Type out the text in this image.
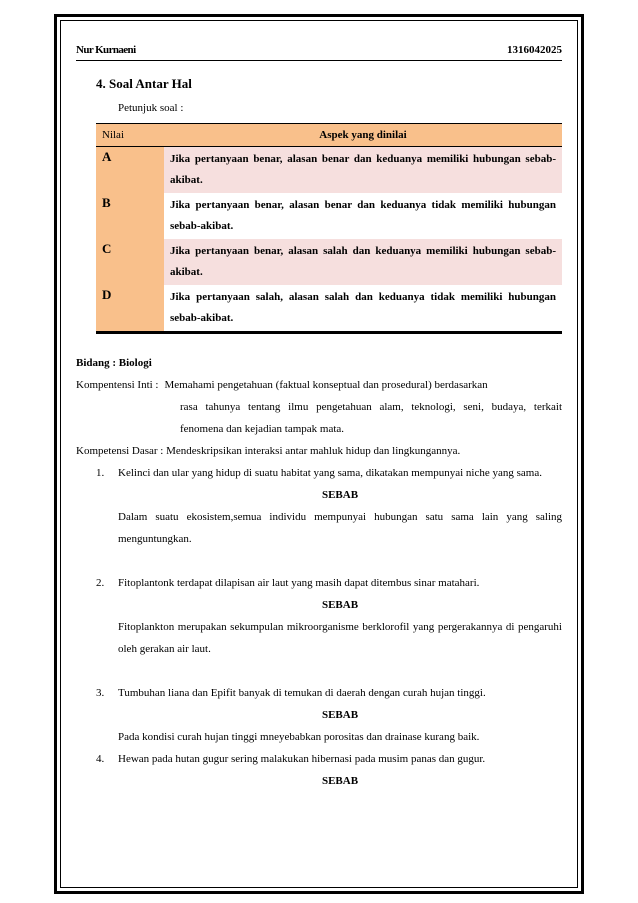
Nur Kurnaeni	1316042025
4. Soal Antar Hal
Petunjuk soal :
Nilai	Aspek yang dinilai
A	Jika pertanyaan benar, alasan benar dan keduanya memiliki hubungan sebab-akibat.
B	Jika pertanyaan benar, alasan benar dan keduanya tidak memiliki hubungan sebab-akibat.
C	Jika pertanyaan benar, alasan salah dan keduanya memiliki hubungan sebab-akibat.
D	Jika pertanyaan salah, alasan salah dan keduanya tidak memiliki hubungan sebab-akibat.

Bidang : Biologi

Kompentensi Inti : Memahami pengetahuan (faktual konseptual dan prosedural) berdasarkan

rasa tahunya tentang ilmu pengetahuan alam, teknologi, seni, budaya, terkait fenomena dan kejadian tampak mata.

Kompetensi Dasar : Mendeskripsikan interaksi antar mahluk hidup dan lingkungannya.

1.	Kelinci dan ular yang hidup di suatu habitat yang sama, dikatakan mempunyai niche yang sama.

SEBAB

Dalam suatu ekosistem,semua individu mempunyai hubungan satu sama lain yang saling menguntungkan.

2.	Fitoplantonk terdapat dilapisan air laut yang masih dapat ditembus sinar matahari.

SEBAB

Fitoplankton merupakan sekumpulan mikroorganisme berklorofil yang pergerakannya di pengaruhi oleh gerakan air laut.

3.	Tumbuhan liana dan Epifit banyak di temukan di daerah dengan curah hujan tinggi.

SEBAB

Pada kondisi curah hujan tinggi mneyebabkan porositas dan drainase kurang baik.

4.	Hewan pada hutan gugur sering malakukan hibernasi pada musim panas dan gugur.

SEBAB
